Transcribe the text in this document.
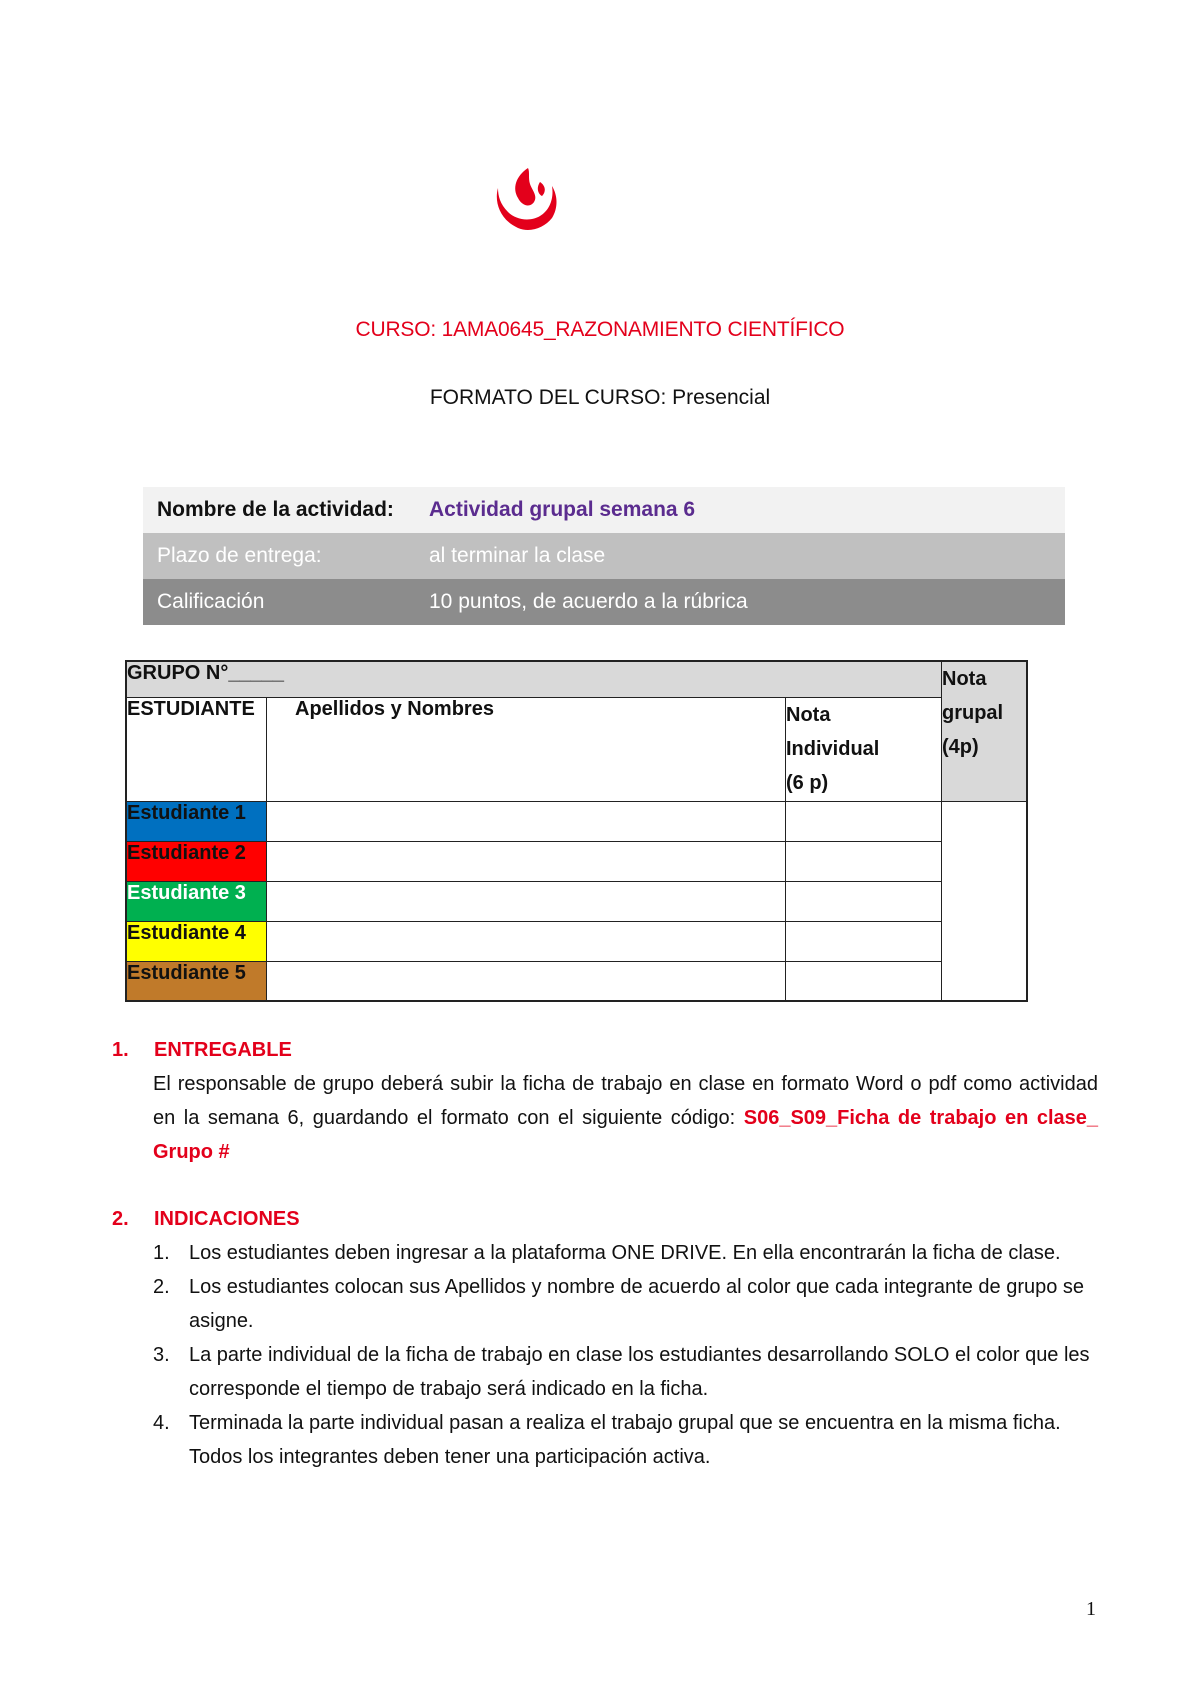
CURSO: 1AMA0645_RAZONAMIENTO CIENTÍFICO
FORMATO DEL CURSO: Presencial
Nombre de la actividad:	Actividad grupal semana 6
Plazo de entrega:	al terminar la clase
Calificación	10 puntos, de acuerdo a la rúbrica
GRUPO N°_____			Nota
grupal
(4p)

ESTUDIANTE	Apellidos y Nombres	Nota
Individual
(6 p)	

Estudiante 1			
Estudiante 2			
Estudiante 3			
Estudiante 4			
Estudiante 5			
1. ENTREGABLE
El responsable de grupo deberá subir la ficha de trabajo en clase en formato Word o pdf como actividad en la semana 6, guardando el formato con el siguiente código: S06_S09_Ficha de trabajo en clase_ Grupo #
2. INDICACIONES
1. Los estudiantes deben ingresar a la plataforma ONE DRIVE. En ella encontrarán la ficha de clase.
2. Los estudiantes colocan sus Apellidos y nombre de acuerdo al color que cada integrante de grupo se asigne.
3. La parte individual de la ficha de trabajo en clase los estudiantes desarrollando SOLO el color que les corresponde el tiempo de trabajo será indicado en la ficha.
4. Terminada la parte individual pasan a realiza el trabajo grupal que se encuentra en la misma ficha. Todos los integrantes deben tener una participación activa.
1
